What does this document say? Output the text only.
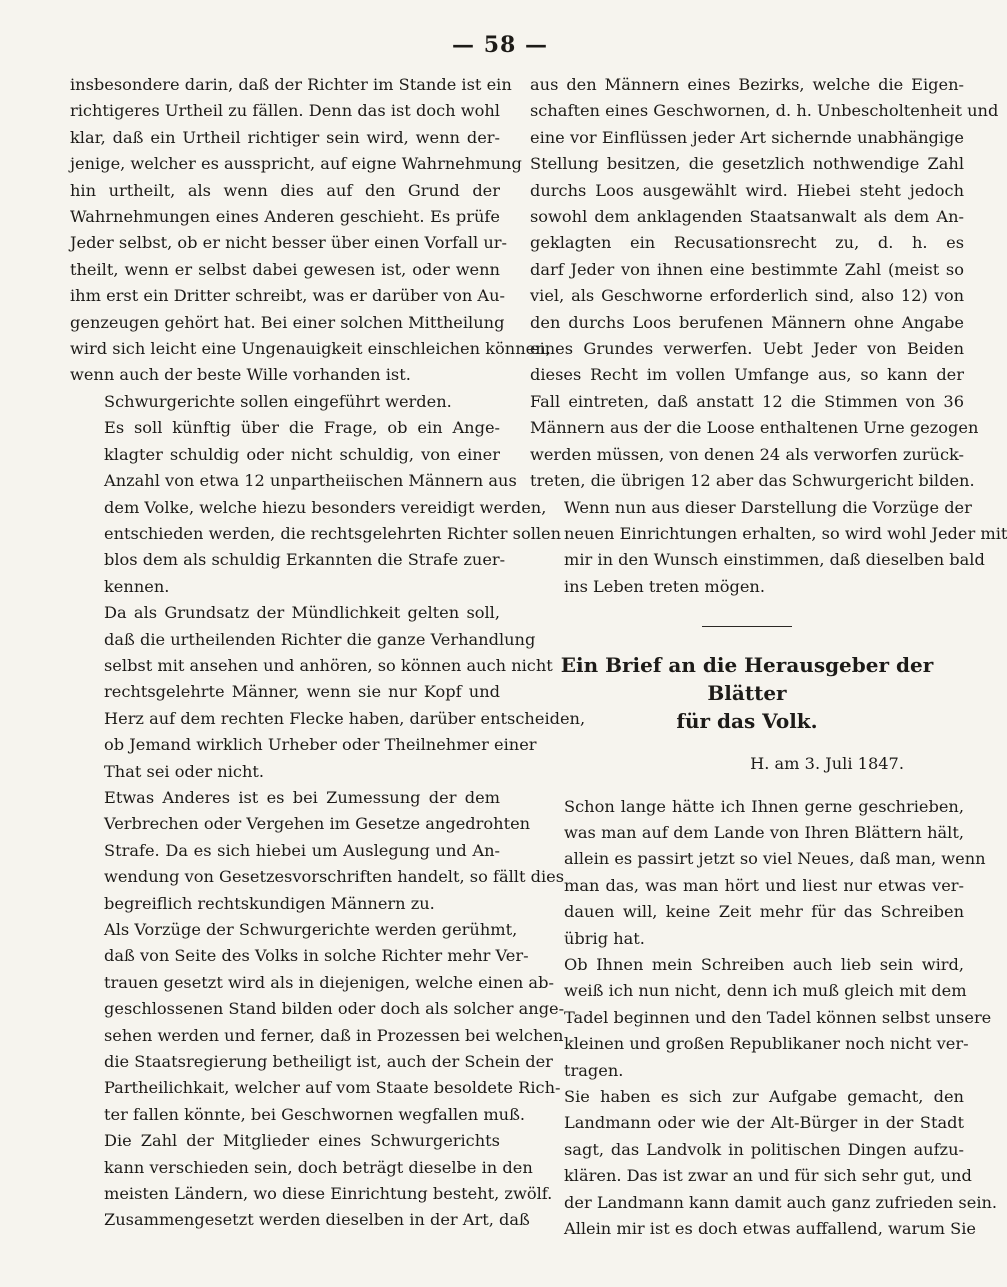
— 58 —

insbesondere darin, daß der Richter im Stande ist ein
richtigeres Urtheil zu fällen. Denn das ist doch wohl
klar, daß ein Urtheil richtiger sein wird, wenn der-
jenige, welcher es ausspricht, auf eigne Wahrnehmung
hin urtheilt, als wenn dies auf den Grund der
Wahrnehmungen eines Anderen geschieht. Es prüfe
Jeder selbst, ob er nicht besser über einen Vorfall ur-
theilt, wenn er selbst dabei gewesen ist, oder wenn
ihm erst ein Dritter schreibt, was er darüber von Au-
genzeugen gehört hat. Bei einer solchen Mittheilung
wird sich leicht eine Ungenauigkeit einschleichen können,
wenn auch der beste Wille vorhanden ist.

Schwurgerichte sollen eingeführt werden.

Es soll künftig über die Frage, ob ein Ange-
klagter schuldig oder nicht schuldig, von einer
Anzahl von etwa 12 unpartheiischen Männern aus
dem Volke, welche hiezu besonders vereidigt werden,
entschieden werden, die rechtsgelehrten Richter sollen
blos dem als schuldig Erkannten die Strafe zuer-
kennen.

Da als Grundsatz der Mündlichkeit gelten soll,
daß die urtheilenden Richter die ganze Verhandlung
selbst mit ansehen und anhören, so können auch nicht
rechtsgelehrte Männer, wenn sie nur Kopf und
Herz auf dem rechten Flecke haben, darüber entscheiden,
ob Jemand wirklich Urheber oder Theilnehmer einer
That sei oder nicht.

Etwas Anderes ist es bei Zumessung der dem
Verbrechen oder Vergehen im Gesetze angedrohten
Strafe. Da es sich hiebei um Auslegung und An-
wendung von Gesetzesvorschriften handelt, so fällt dies
begreiflich rechtskundigen Männern zu.

Als Vorzüge der Schwurgerichte werden gerühmt,
daß von Seite des Volks in solche Richter mehr Ver-
trauen gesetzt wird als in diejenigen, welche einen ab-
geschlossenen Stand bilden oder doch als solcher ange-
sehen werden und ferner, daß in Prozessen bei welchen
die Staatsregierung betheiligt ist, auch der Schein der
Partheilichkait, welcher auf vom Staate besoldete Rich-
ter fallen könnte, bei Geschwornen wegfallen muß.

Die Zahl der Mitglieder eines Schwurgerichts
kann verschieden sein, doch beträgt dieselbe in den
meisten Ländern, wo diese Einrichtung besteht, zwölf.

Zusammengesetzt werden dieselben in der Art, daß

aus den Männern eines Bezirks, welche die Eigen-
schaften eines Geschwornen, d. h. Unbescholtenheit und
eine vor Einflüssen jeder Art sichernde unabhängige
Stellung besitzen, die gesetzlich nothwendige Zahl
durchs Loos ausgewählt wird. Hiebei steht jedoch
sowohl dem anklagenden Staatsanwalt als dem An-
geklagten ein Recusationsrecht zu, d. h. es
darf Jeder von ihnen eine bestimmte Zahl (meist so
viel, als Geschworne erforderlich sind, also 12) von
den durchs Loos berufenen Männern ohne Angabe
eines Grundes verwerfen. Uebt Jeder von Beiden
dieses Recht im vollen Umfange aus, so kann der
Fall eintreten, daß anstatt 12 die Stimmen von 36
Männern aus der die Loose enthaltenen Urne gezogen
werden müssen, von denen 24 als verworfen zurück-
treten, die übrigen 12 aber das Schwurgericht bilden.

Wenn nun aus dieser Darstellung die Vorzüge der
neuen Einrichtungen erhalten, so wird wohl Jeder mit
mir in den Wunsch einstimmen, daß dieselben bald
ins Leben treten mögen.

Ein Brief an die Herausgeber der Blätter
für das Volk.
H. am 3. Juli 1847.

Schon lange hätte ich Ihnen gerne geschrieben,
was man auf dem Lande von Ihren Blättern hält,
allein es passirt jetzt so viel Neues, daß man, wenn
man das, was man hört und liest nur etwas ver-
dauen will, keine Zeit mehr für das Schreiben
übrig hat.

Ob Ihnen mein Schreiben auch lieb sein wird,
weiß ich nun nicht, denn ich muß gleich mit dem
Tadel beginnen und den Tadel können selbst unsere
kleinen und großen Republikaner noch nicht ver-
tragen.

Sie haben es sich zur Aufgabe gemacht, den
Landmann oder wie der Alt-Bürger in der Stadt
sagt, das Landvolk in politischen Dingen aufzu-
klären. Das ist zwar an und für sich sehr gut, und
der Landmann kann damit auch ganz zufrieden sein.
Allein mir ist es doch etwas auffallend, warum Sie
